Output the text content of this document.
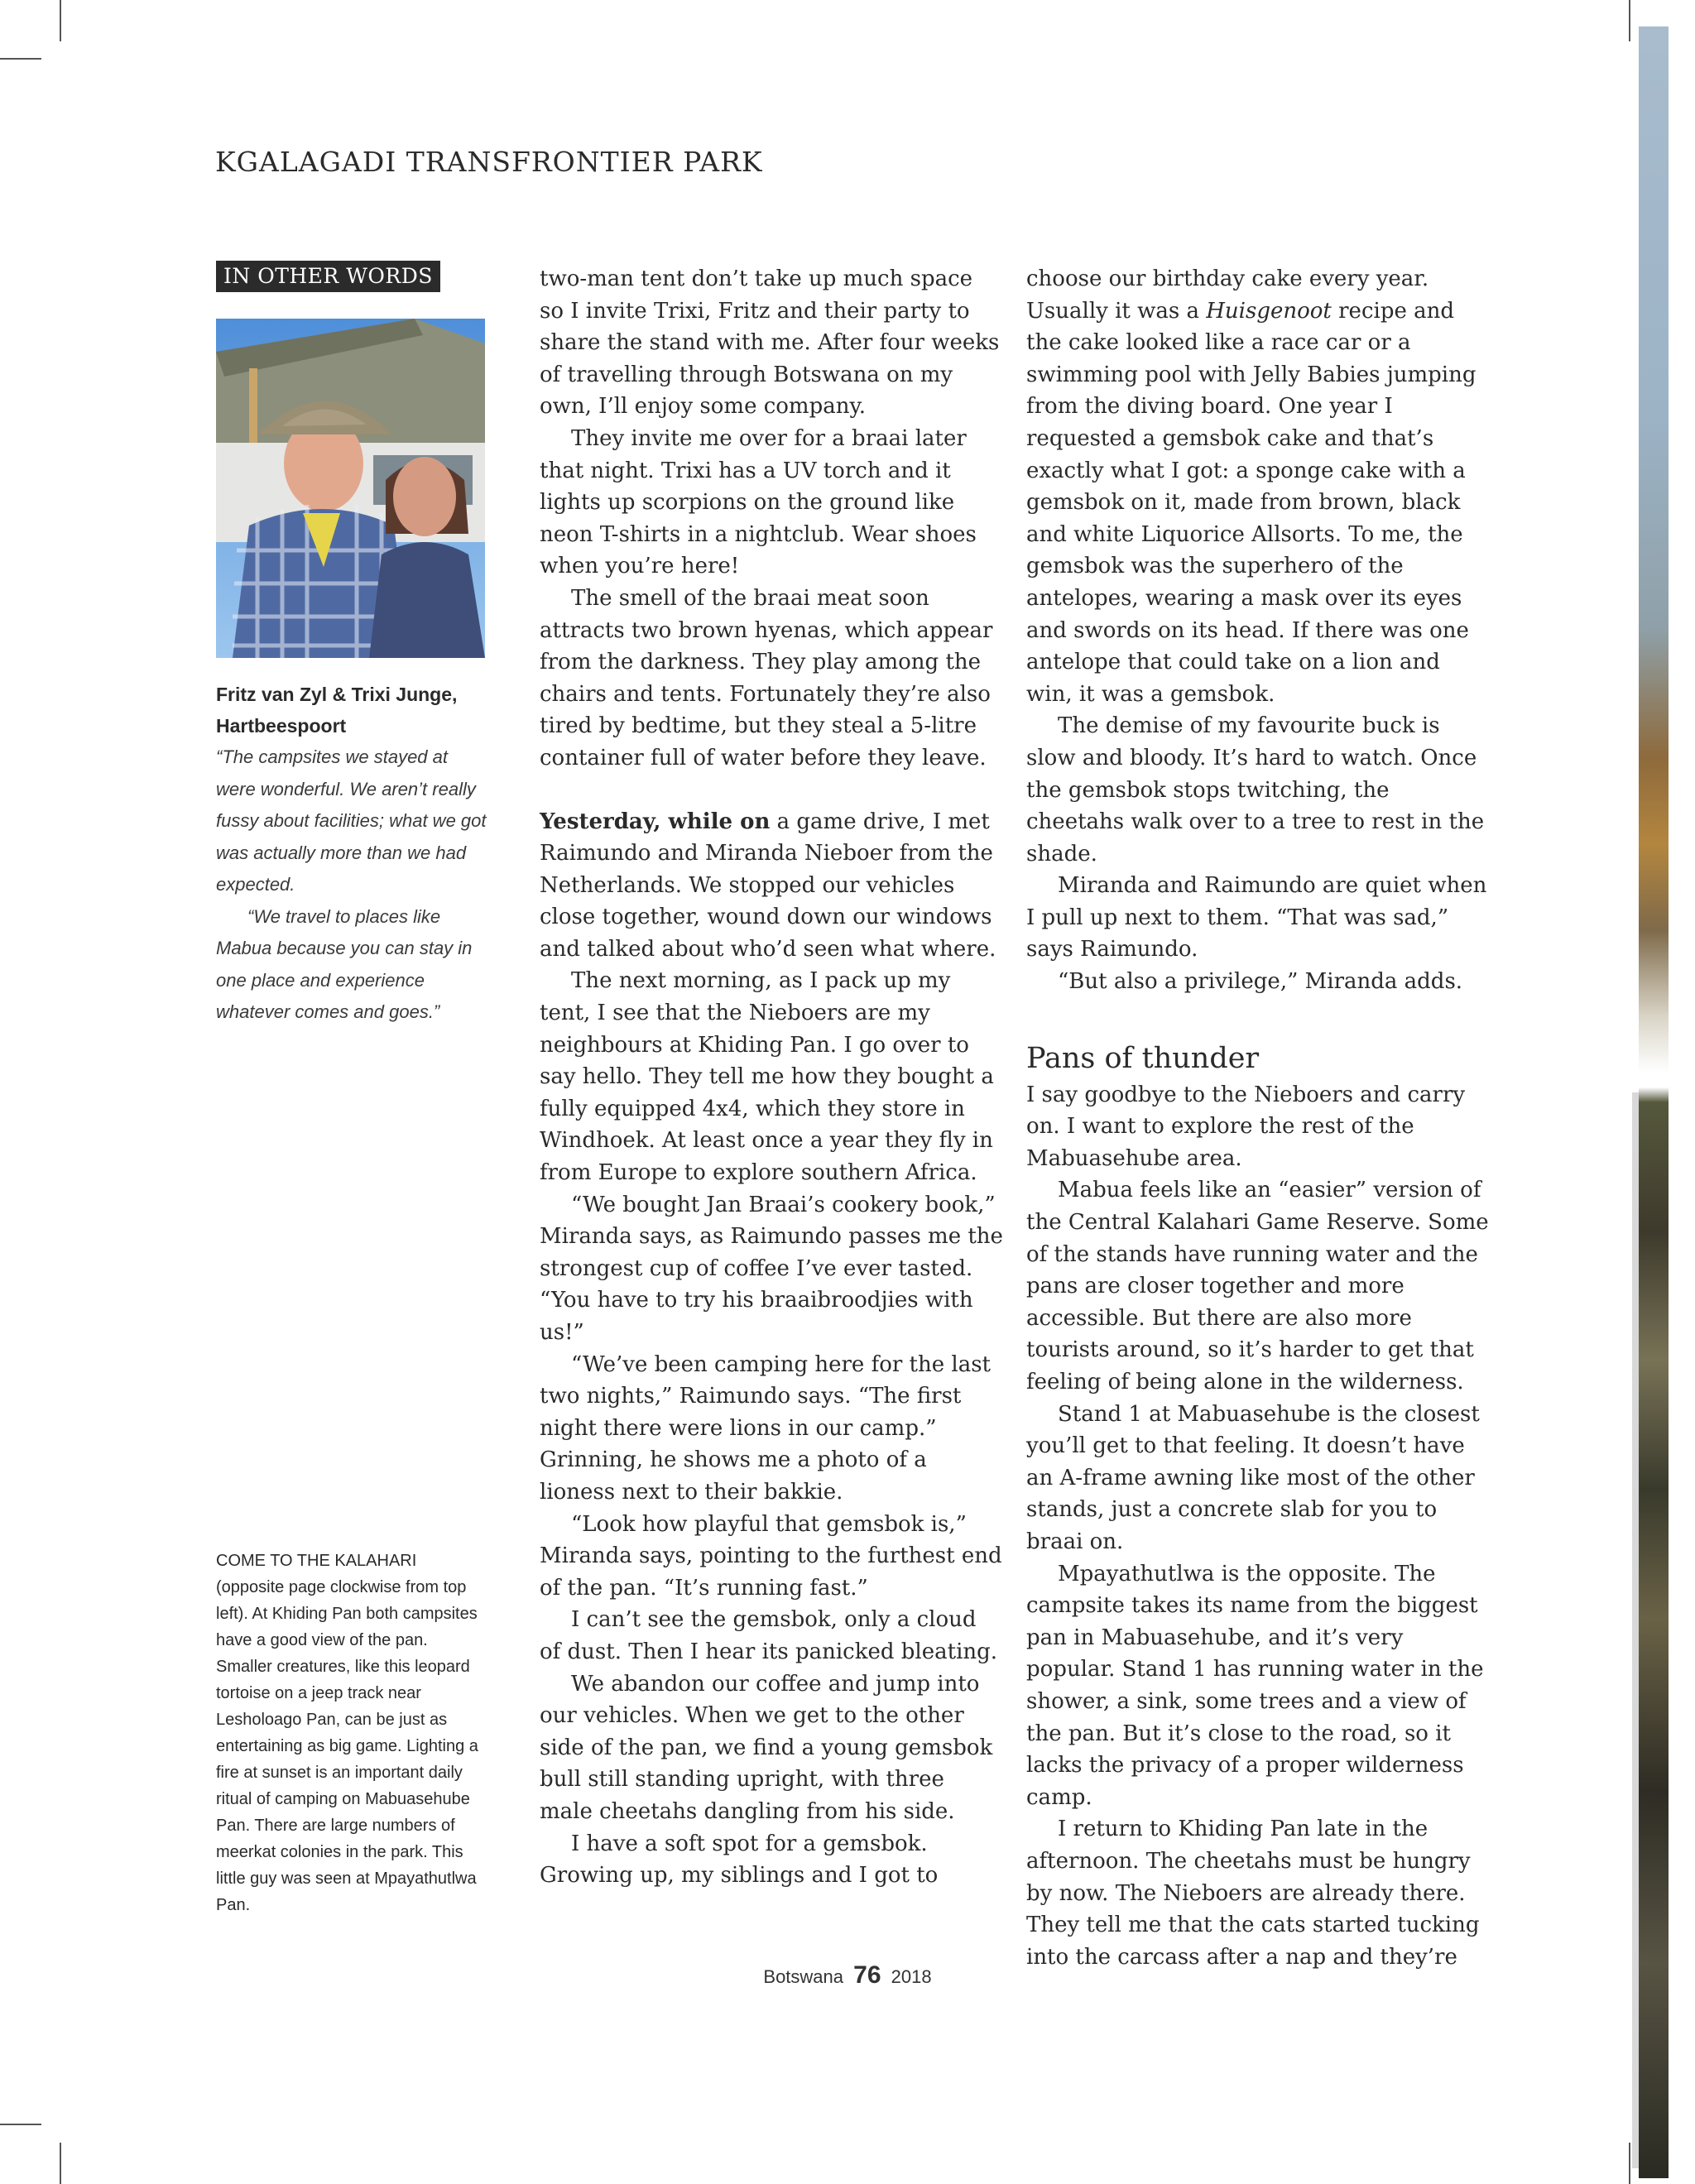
KGALAGADI TRANSFRONTIER PARK
IN OTHER WORDS
Fritz van Zyl & Trixi Junge, Hartbeespoort

“The campsites we stayed at were wonderful. We aren’t really fussy about facilities; what we got was actually more than we had expected.

“We travel to places like Mabua because you can stay in one place and experience whatever comes and goes.”

COME TO THE KALAHARI (opposite page clockwise from top left). At Khiding Pan both campsites have a good view of the pan. Smaller creatures, like this leopard tortoise on a jeep track near Lesholoago Pan, can be just as entertaining as big game. Lighting a fire at sunset is an important daily ritual of camping on Mabuasehube Pan. There are large numbers of meerkat colonies in the park. This little guy was seen at Mpayathutlwa Pan.

two-man tent don’t take up much space so I invite Trixi, Fritz and their party to share the stand with me. After four weeks of travelling through Botswana on my own, I’ll enjoy some company.

They invite me over for a braai later that night. Trixi has a UV torch and it lights up scorpions on the ground like neon T-shirts in a nightclub. Wear shoes when you’re here!

The smell of the braai meat soon attracts two brown hyenas, which appear from the darkness. They play among the chairs and tents. Fortunately they’re also tired by bedtime, but they steal a 5-litre container full of water before they leave.

Yesterday, while on a game drive, I met Raimundo and Miranda Nieboer from the Netherlands. We stopped our vehicles close together, wound down our windows and talked about who’d seen what where.

The next morning, as I pack up my tent, I see that the Nieboers are my neighbours at Khiding Pan. I go over to say hello. They tell me how they bought a fully equipped 4x4, which they store in Windhoek. At least once a year they fly in from Europe to explore southern Africa.

“We bought Jan Braai’s cookery book,” Miranda says, as Raimundo passes me the strongest cup of coffee I’ve ever tasted. “You have to try his braaibroodjies with us!”

“We’ve been camping here for the last two nights,” Raimundo says. “The first night there were lions in our camp.” Grinning, he shows me a photo of a lioness next to their bakkie.

“Look how playful that gemsbok is,” Miranda says, pointing to the furthest end of the pan. “It’s running fast.”

I can’t see the gemsbok, only a cloud of dust. Then I hear its panicked bleating.

We abandon our coffee and jump into our vehicles. When we get to the other side of the pan, we find a young gemsbok bull still standing upright, with three male cheetahs dangling from his side.

I have a soft spot for a gemsbok. Growing up, my siblings and I got to

choose our birthday cake every year. Usually it was a Huisgenoot recipe and the cake looked like a race car or a swimming pool with Jelly Babies jumping from the diving board. One year I requested a gemsbok cake and that’s exactly what I got: a sponge cake with a gemsbok on it, made from brown, black and white Liquorice Allsorts. To me, the gemsbok was the superhero of the antelopes, wearing a mask over its eyes and swords on its head. If there was one antelope that could take on a lion and win, it was a gemsbok.

The demise of my favourite buck is slow and bloody. It’s hard to watch. Once the gemsbok stops twitching, the cheetahs walk over to a tree to rest in the shade.

Miranda and Raimundo are quiet when I pull up next to them. “That was sad,” says Raimundo.

“But also a privilege,” Miranda adds.

Pans of thunder

I say goodbye to the Nieboers and carry on. I want to explore the rest of the Mabuasehube area.

Mabua feels like an “easier” version of the Central Kalahari Game Reserve. Some of the stands have running water and the pans are closer together and more accessible. But there are also more tourists around, so it’s harder to get that feeling of being alone in the wilderness.

Stand 1 at Mabuasehube is the closest you’ll get to that feeling. It doesn’t have an A-frame awning like most of the other stands, just a concrete slab for you to braai on.

Mpayathutlwa is the opposite. The campsite takes its name from the biggest pan in Mabuasehube, and it’s very popular. Stand 1 has running water in the shower, a sink, some trees and a view of the pan. But it’s close to the road, so it lacks the privacy of a proper wilderness camp.

I return to Khiding Pan late in the afternoon. The cheetahs must be hungry by now. The Nieboers are already there. They tell me that the cats started tucking into the carcass after a nap and they’re

Botswana 76 2018
